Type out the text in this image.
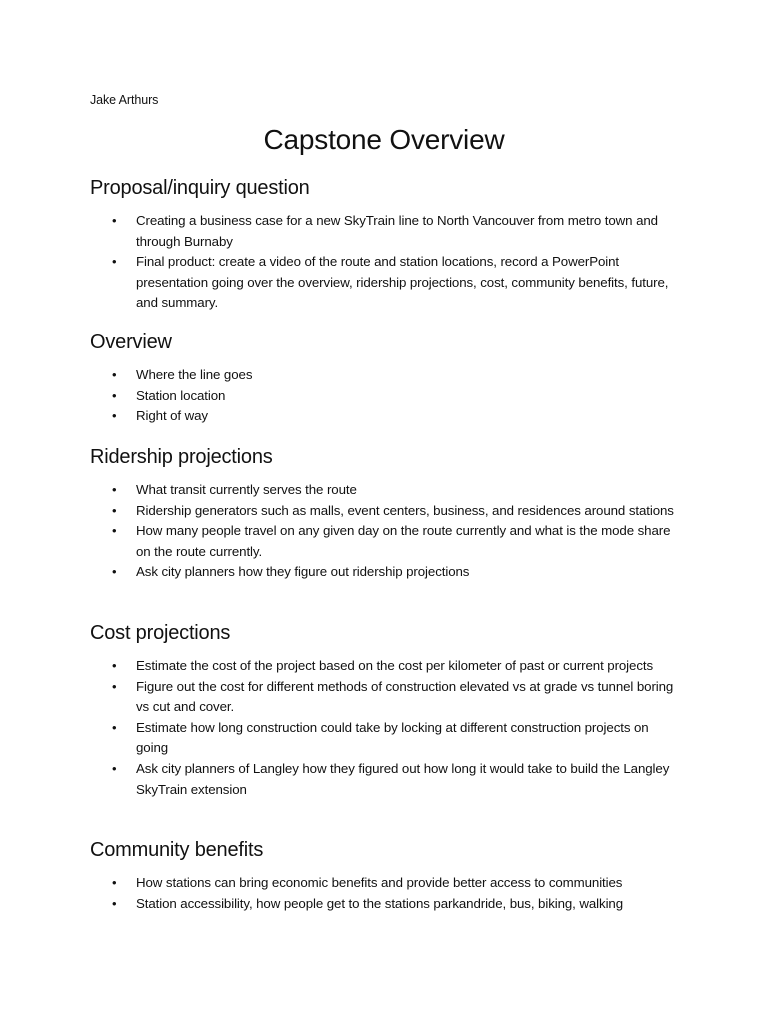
Jake Arthurs
Capstone Overview
Proposal/inquiry question
• Creating a business case for a new SkyTrain line to North Vancouver from metro town and through Burnaby
• Final product: create a video of the route and station locations, record a PowerPoint presentation going over the overview, ridership projections, cost, community benefits, future, and summary.
Overview
• Where the line goes
• Station location
• Right of way
Ridership projections
• What transit currently serves the route
• Ridership generators such as malls, event centers, business, and residences around stations
• How many people travel on any given day on the route currently and what is the mode share on the route currently.
• Ask city planners how they figure out ridership projections
Cost projections
• Estimate the cost of the project based on the cost per kilometer of past or current projects
• Figure out the cost for different methods of construction elevated vs at grade vs tunnel boring vs cut and cover.
• Estimate how long construction could take by locking at different construction projects on going
• Ask city planners of Langley how they figured out how long it would take to build the Langley SkyTrain extension
Community benefits
• How stations can bring economic benefits and provide better access to communities
• Station accessibility, how people get to the stations parkandride, bus, biking, walking
